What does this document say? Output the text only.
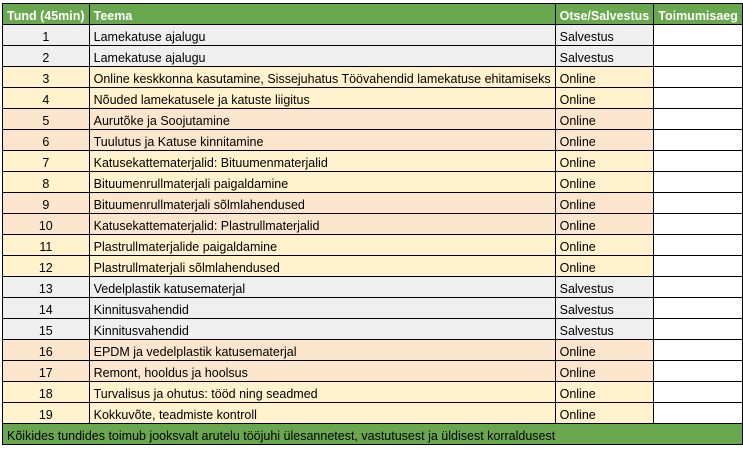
Tund (45min)	Teema	Otse/Salvestus	Toimumisaeg
1	Lamekatuse ajalugu	Salvestus	
2	Lamekatuse ajalugu	Salvestus	
3	Online keskkonna kasutamine, Sissejuhatus Töövahendid lamekatuse ehitamiseks	Online	
4	Nõuded lamekatusele ja katuste liigitus	Online	
5	Aurutõke ja Soojutamine	Online	
6	Tuulutus ja Katuse kinnitamine	Online	
7	Katusekattematerjalid: Bituumenmaterjalid	Online	
8	Bituumenrullmaterjali paigaldamine	Online	
9	Bituumenrullmaterjali sõlmlahendused	Online	
10	Katusekattematerjalid: Plastrullmaterjalid	Online	
11	Plastrullmaterjalide paigaldamine	Online	
12	Plastrullmaterjali sõlmlahendused	Online	
13	Vedelplastik katusematerjal	Salvestus	
14	Kinnitusvahendid	Salvestus	
15	Kinnitusvahendid	Salvestus	
16	EPDM ja vedelplastik katusematerjal	Online	
17	Remont, hooldus ja hoolsus	Online	
18	Turvalisus ja ohutus: tööd ning seadmed	Online	
19	Kokkuvõte, teadmiste kontroll	Online	
Kõikides tundides toimub jooksvalt arutelu tööjuhi ülesannetest, vastutusest ja üldisest korraldusest			
